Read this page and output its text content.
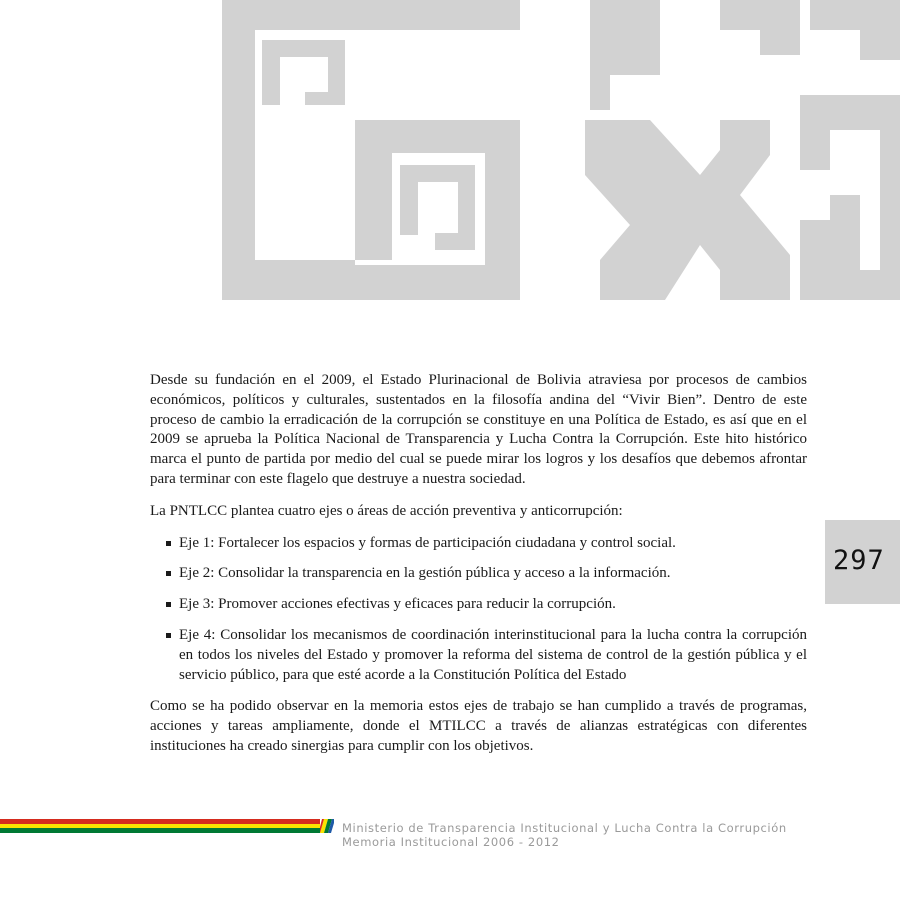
Desde su fundación en el 2009, el Estado Plurinacional de Bolivia atraviesa por procesos de cambios económicos, políticos y culturales, sustentados en la filosofía andina del “Vivir Bien”. Dentro de este proceso de cambio la erradicación de la corrupción se constituye en una Política de Estado, es así que en el 2009 se aprueba la Política Nacional de Transparencia y Lucha Contra la Corrupción. Este hito histórico marca el punto de partida por medio del cual se puede mirar los logros y los desafíos que debemos afrontar para terminar con este flagelo que destruye a nuestra sociedad.

La PNTLCC plantea cuatro ejes o áreas de acción preventiva y anticorrupción:

Eje 1: Fortalecer los espacios y formas de participación ciudadana y control social.
Eje 2: Consolidar la transparencia en la gestión pública y acceso a la información.
Eje 3: Promover acciones efectivas y eficaces para reducir la corrupción.
Eje 4: Consolidar los mecanismos de coordinación interinstitucional para la lucha contra la corrupción en todos los niveles del Estado y promover la reforma del sistema de control de la gestión pública y el servicio público, para que esté acorde a la Constitución Política del Estado

Como se ha podido observar en la memoria estos ejes de trabajo se han cumplido a través de programas, acciones y tareas ampliamente, donde el MTILCC a través de alianzas estratégicas con diferentes instituciones ha creado sinergias para cumplir con los objetivos.

297
Ministerio de Transparencia Institucional y Lucha Contra la Corrupción
Memoria Institucional 2006 - 2012
